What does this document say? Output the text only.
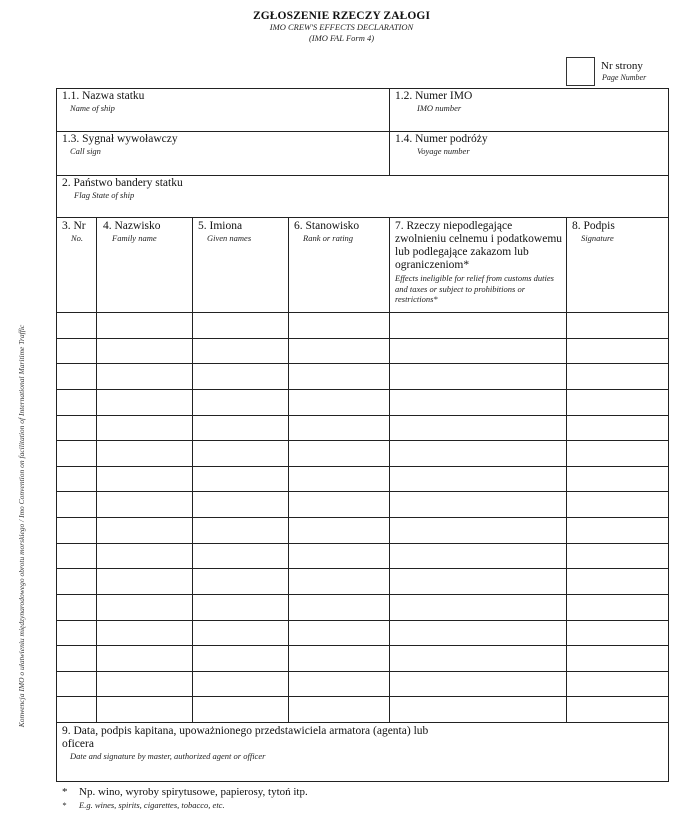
ZGŁOSZENIE RZECZY ZAŁOGI
IMO CREW'S EFFECTS DECLARATION
(IMO FAL Form 4)
Nr strony
Page Number
Konwencja IMO o ułatwieniu międzynarodowego obrotu morskiego / Imo Convention on facilitation of International Maritime Traffic
1.1. Nazwa statku
Name of ship
1.2. Numer IMO
IMO number
1.3. Sygnał wywoławczy
Call sign
1.4. Numer podróży
Voyage number
2. Państwo bandery statku
Flag State of ship
3. Nr
No.
4. Nazwisko
Family name
5. Imiona
Given names
6. Stanowisko
Rank or rating
7. Rzeczy niepodlegające zwolnieniu celnemu i podatkowemu lub podlegające zakazom lub ograniczeniom*
Effects ineligible for relief from customs duties and taxes or subject to prohibitions or restrictions*
8. Podpis
Signature
9. Data, podpis kapitana, upoważnionego przedstawiciela armatora (agenta) lub oficera
Date and signature by master, authorized agent or officer
* Np. wino, wyroby spirytusowe, papierosy, tytoń itp.
* E.g. wines, spirits, cigarettes, tobacco, etc.
